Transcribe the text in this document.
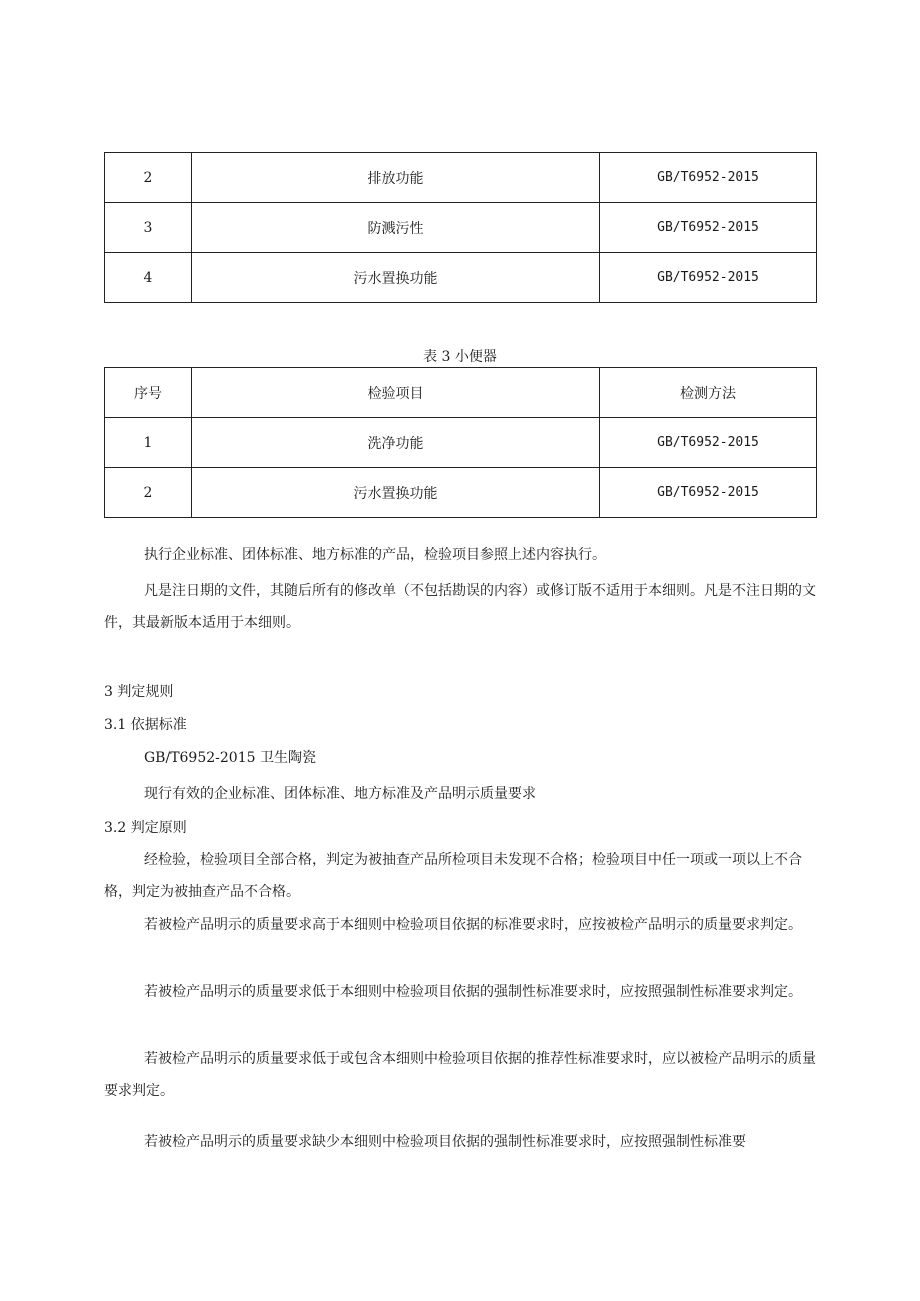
2	排放功能	GB/T6952-2015
3	防溅污性	GB/T6952-2015
4	污水置换功能	GB/T6952-2015
表 3 小便器
序号	检验项目	检测方法
1	洗净功能	GB/T6952-2015
2	污水置换功能	GB/T6952-2015

执行企业标准、团体标准、地方标准的产品，检验项目参照上述内容执行。

凡是注日期的文件，其随后所有的修改单（不包括勘误的内容）或修订版不适用于本细则。凡是不注日期的文件，其最新版本适用于本细则。

3 判定规则

3.1 依据标准

GB/T6952-2015 卫生陶瓷

现行有效的企业标准、团体标准、地方标准及产品明示质量要求

3.2 判定原则

经检验，检验项目全部合格，判定为被抽查产品所检项目未发现不合格；检验项目中任一项或一项以上不合格，判定为被抽查产品不合格。

若被检产品明示的质量要求高于本细则中检验项目依据的标准要求时，应按被检产品明示的质量要求判定。

若被检产品明示的质量要求低于本细则中检验项目依据的强制性标准要求时，应按照强制性标准要求判定。

若被检产品明示的质量要求低于或包含本细则中检验项目依据的推荐性标准要求时，应以被检产品明示的质量要求判定。

若被检产品明示的质量要求缺少本细则中检验项目依据的强制性标准要求时，应按照强制性标准要
